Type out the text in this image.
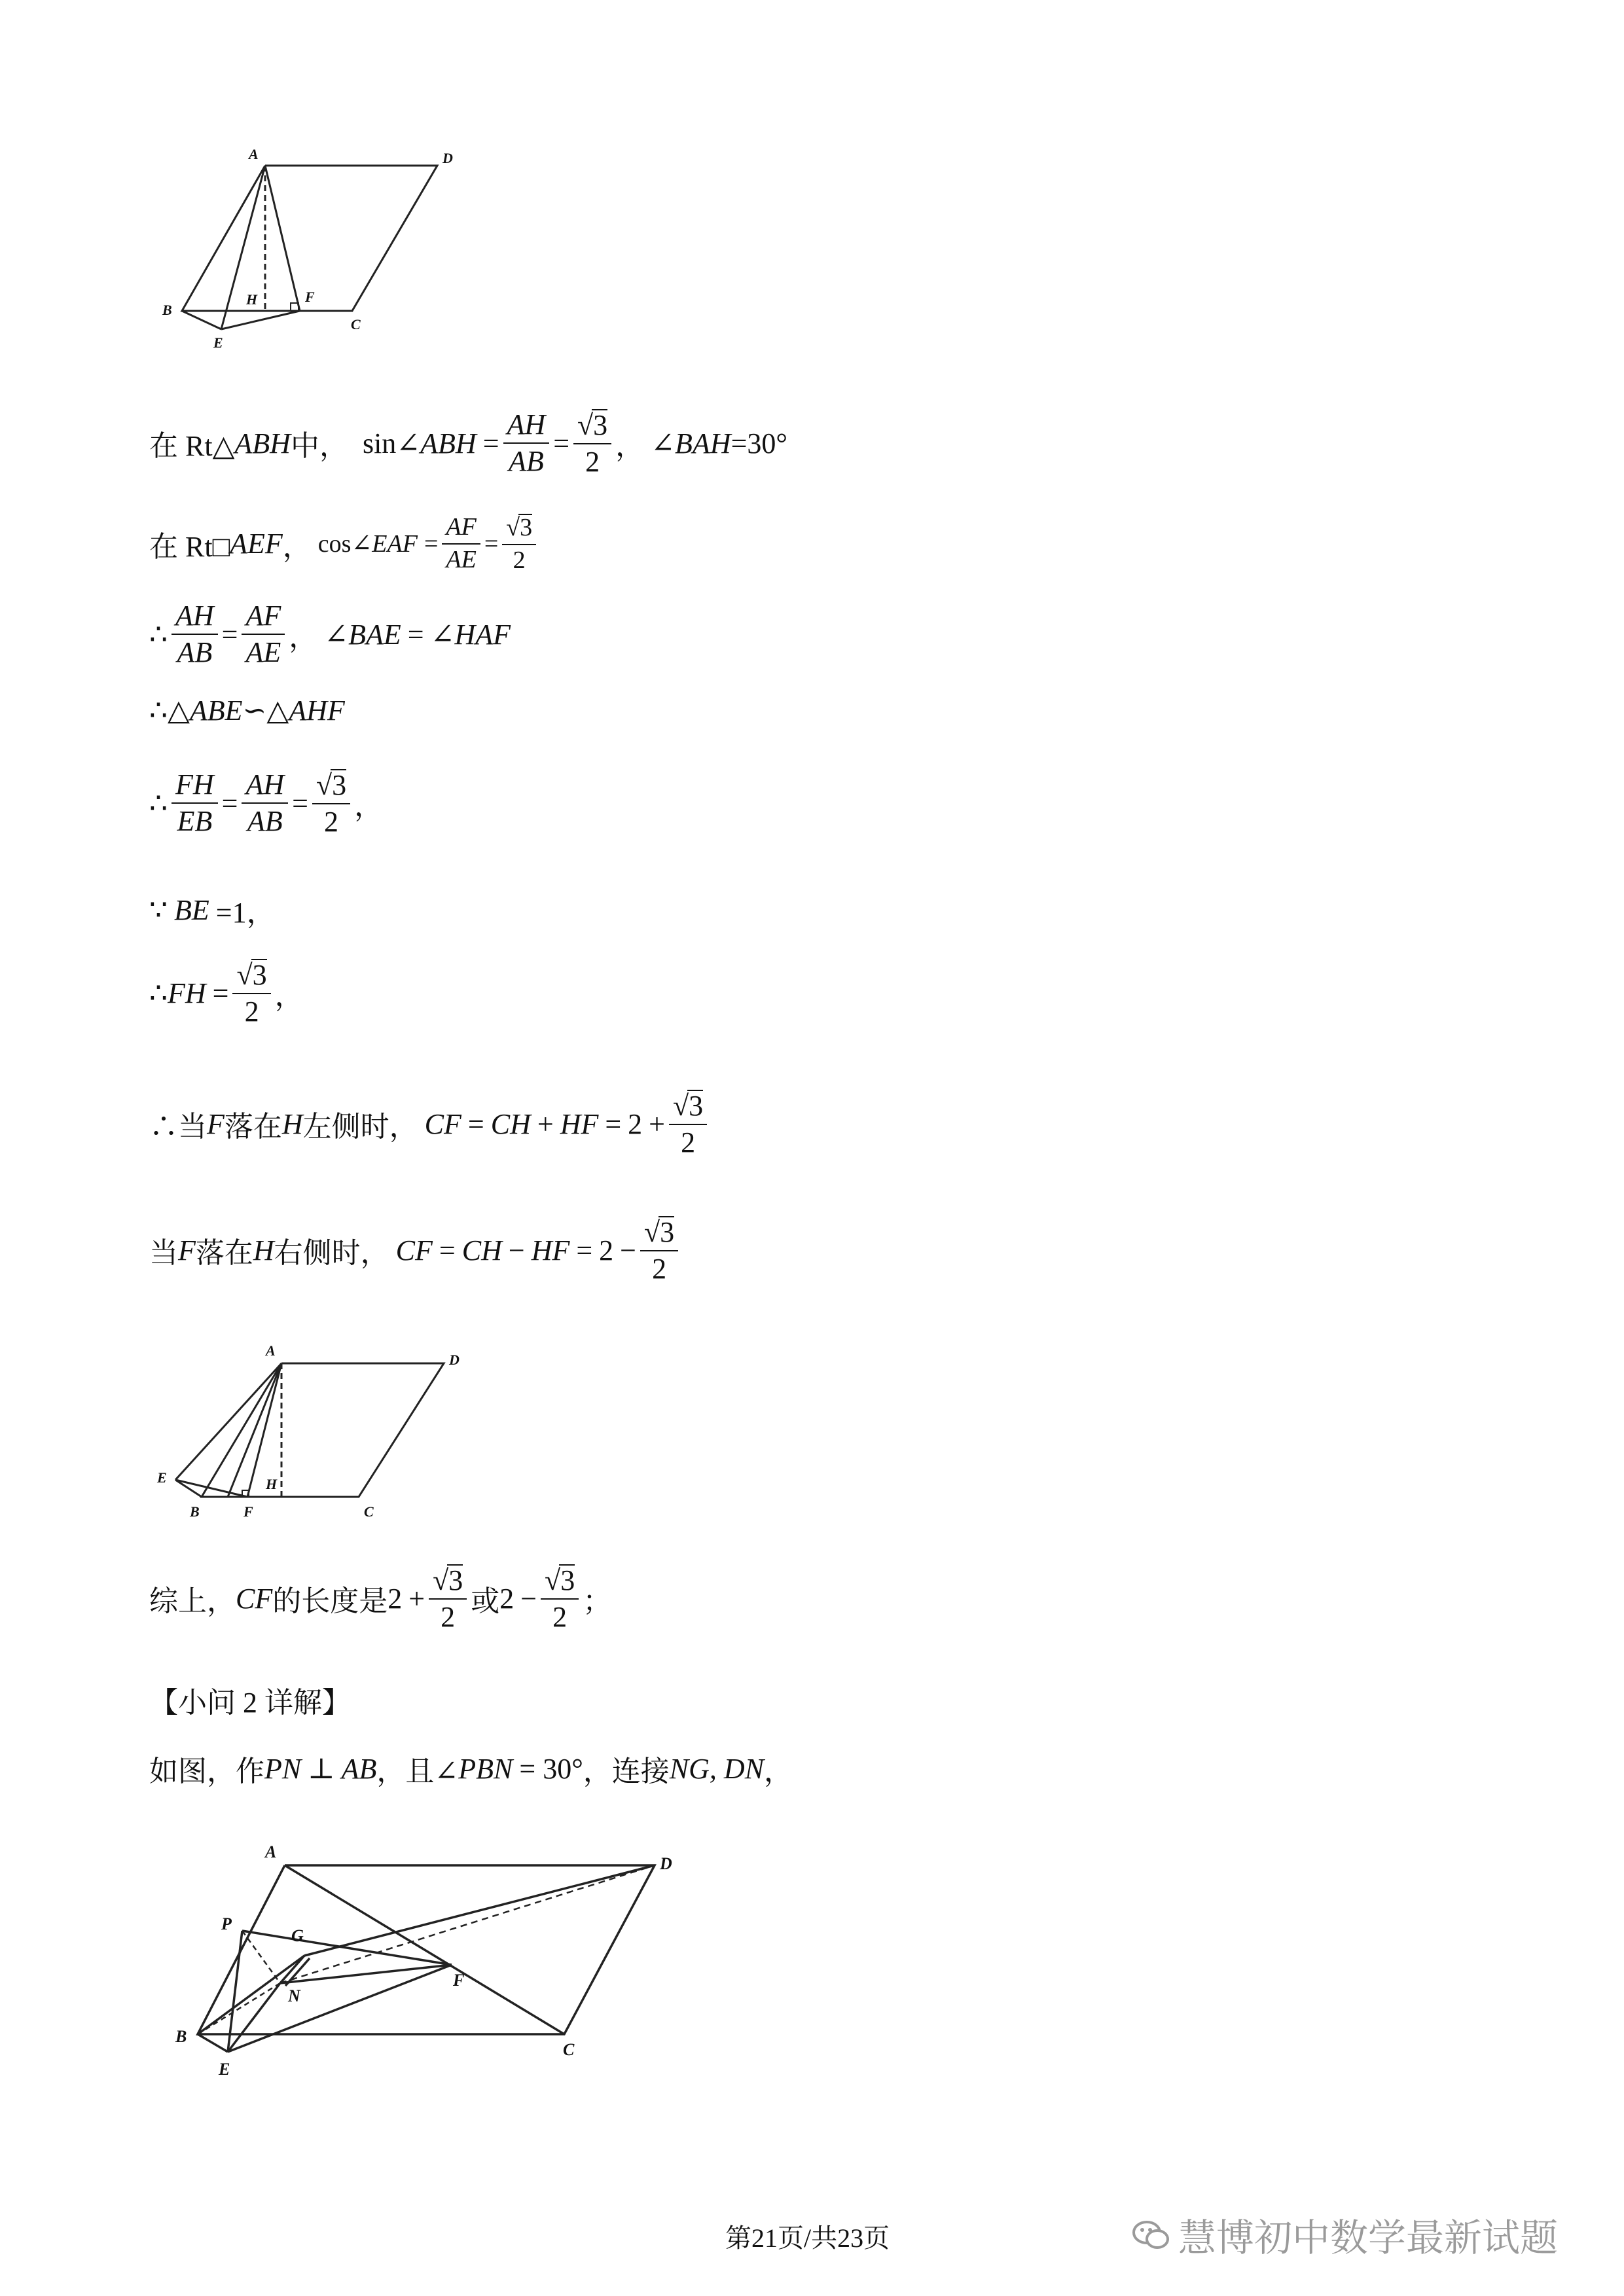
A	D
B
H	F
C
E
在 Rt△ ABH 中， sin∠ ABH = $\frac{AH}{AB} = \frac{√3}{2}$ ， ∠ BAH =30°
在 Rt□ AEF ， cos∠ EAF = $\frac{AF}{AE} = \frac{√3}{2}$
∴ $\frac{AH}{AB} = \frac{AF}{AE}$ ， ∠ BAE = ∠ HAF
∴△ ABE ∽△ AHF
∴ $\frac{FH}{EB} = \frac{AH}{AB} = \frac{√3}{2}$ ，
∵ BE =1，
∴ FH = $\frac{√3}{2}$ ，
∴当 F 落在 H 左侧时， CF = CH + HF = $2 + \frac{√3}{2}$
当 F 落在 H 右侧时， CF = CH − HF = $2 - \frac{√3}{2}$
A
D
E	H
B	F	C
综上， CF 的长度是 $2 + \frac{√3}{2}$ 或 $2 - \frac{√3}{2}$ ；
【小问 2 详解】
如图，作 PN ⊥ AB ，且∠ PBN = 30° ，连接 NG, DN ，
A
D
P
G
N
F
B
C
E
慧博初中数学最新试题
第21页/共23页
